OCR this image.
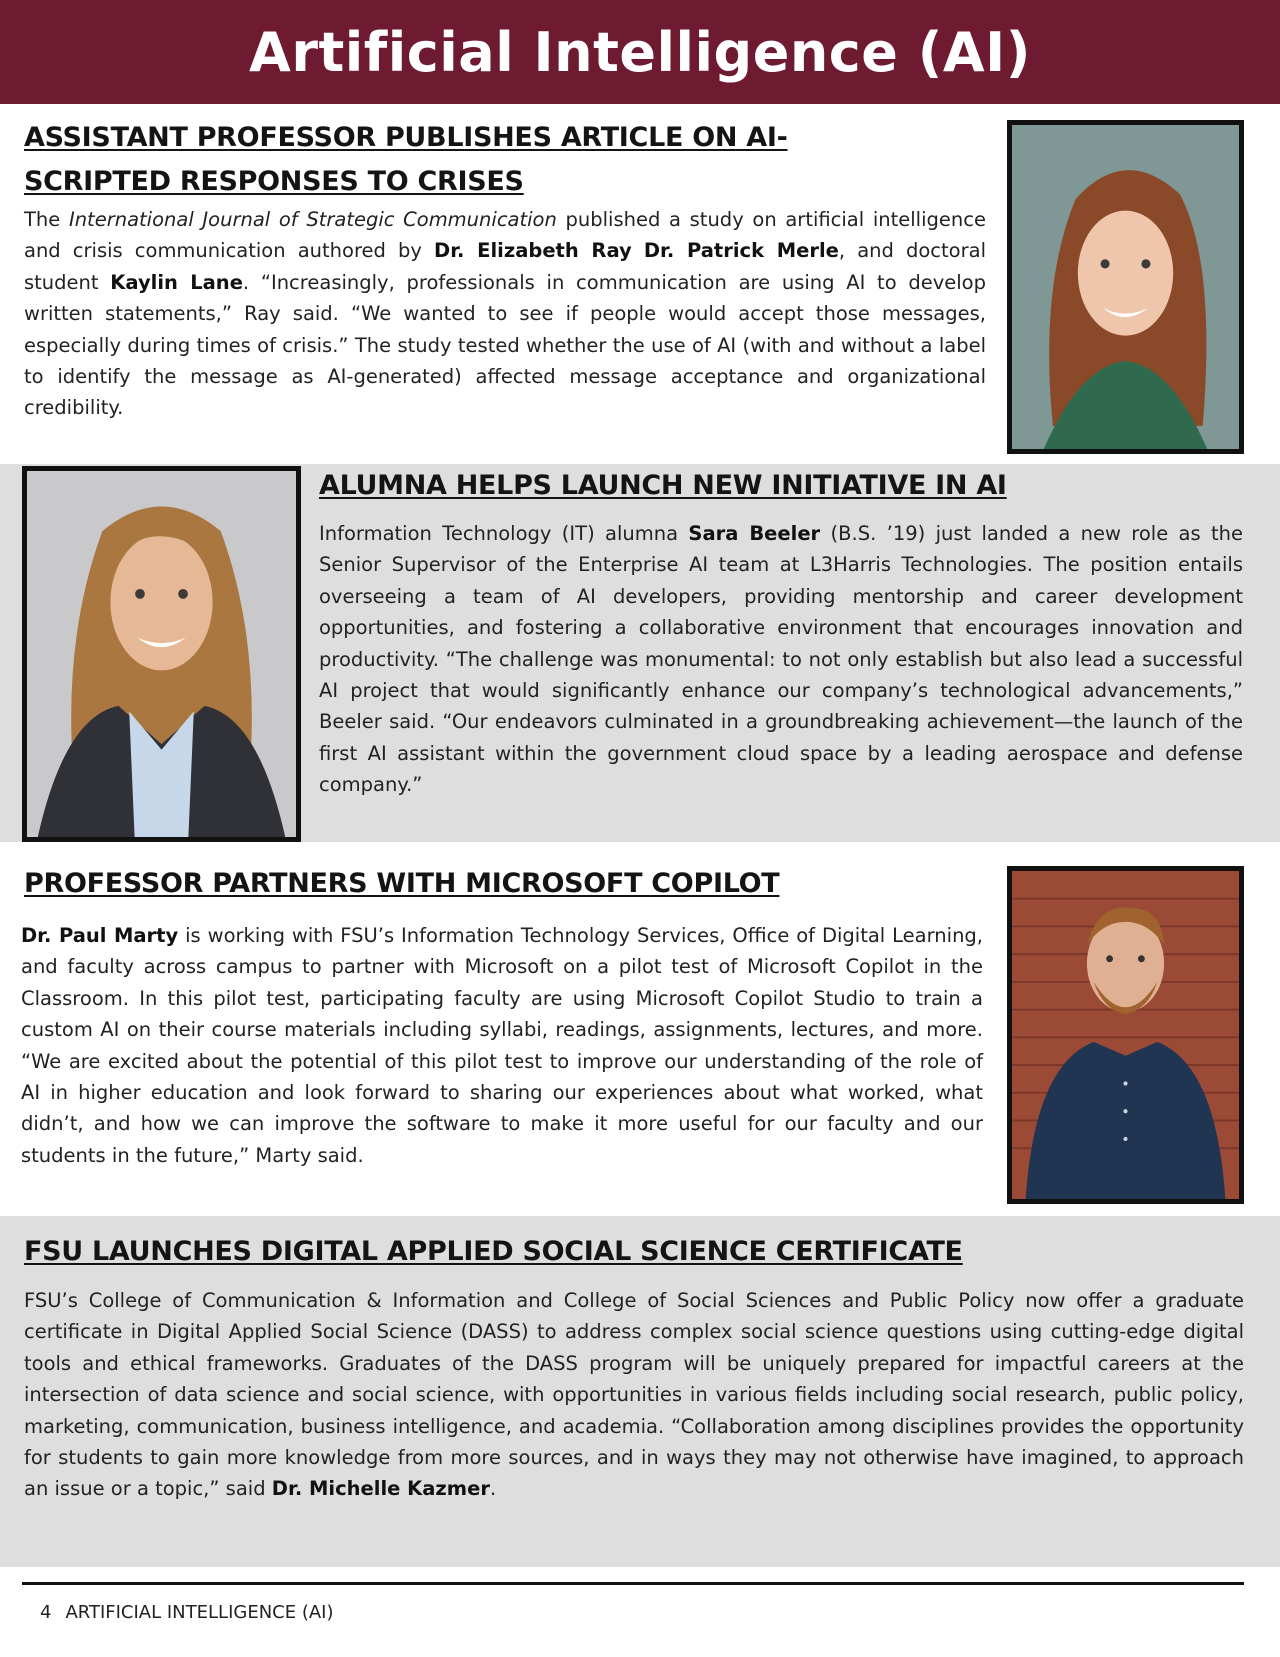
Artificial Intelligence (AI)
ASSISTANT PROFESSOR PUBLISHES ARTICLE ON AI-
SCRIPTED RESPONSES TO CRISES

The International Journal of Strategic Communication published a study on artificial intelligence and crisis communication authored by Dr. Elizabeth Ray Dr. Patrick Merle, and doctoral student Kaylin Lane. “Increasingly, professionals in communication are using AI to develop written statements,” Ray said. “We wanted to see if people would accept those messages, especially during times of crisis.” The study tested whether the use of AI (with and without a label to identify the message as AI-generated) affected message acceptance and organizational credibility.

ALUMNA HELPS LAUNCH NEW INITIATIVE IN AI

Information Technology (IT) alumna Sara Beeler (B.S. ’19) just landed a new role as the Senior Supervisor of the Enterprise AI team at L3Harris Technologies. The position entails overseeing a team of AI developers, providing mentorship and career development opportunities, and fostering a collaborative environment that encourages innovation and productivity. “The challenge was monumental: to not only establish but also lead a successful AI project that would significantly enhance our company’s technological advancements,” Beeler said. “Our endeavors culminated in a groundbreaking achievement—the launch of the first AI assistant within the government cloud space by a leading aerospace and defense company.”

PROFESSOR PARTNERS WITH MICROSOFT COPILOT

Dr. Paul Marty is working with FSU’s Information Technology Services, Office of Digital Learning, and faculty across campus to partner with Microsoft on a pilot test of Microsoft Copilot in the Classroom. In this pilot test, participating faculty are using Microsoft Copilot Studio to train a custom AI on their course materials including syllabi, readings, assignments, lectures, and more. “We are excited about the potential of this pilot test to improve our understanding of the role of AI in higher education and look forward to sharing our experiences about what worked, what didn’t, and how we can improve the software to make it more useful for our faculty and our students in the future,” Marty said.

FSU LAUNCHES DIGITAL APPLIED SOCIAL SCIENCE CERTIFICATE

FSU’s College of Communication & Information and College of Social Sciences and Public Policy now offer a graduate certificate in Digital Applied Social Science (DASS) to address complex social science questions using cutting-edge digital tools and ethical frameworks. Graduates of the DASS program will be uniquely prepared for impactful careers at the intersection of data science and social science, with opportunities in various fields including social research, public policy, marketing, communication, business intelligence, and academia. “Collaboration among disciplines provides the opportunity for students to gain more knowledge from more sources, and in ways they may not otherwise have imagined, to approach an issue or a topic,” said Dr. Michelle Kazmer.

4 ARTIFICIAL INTELLIGENCE (AI)
